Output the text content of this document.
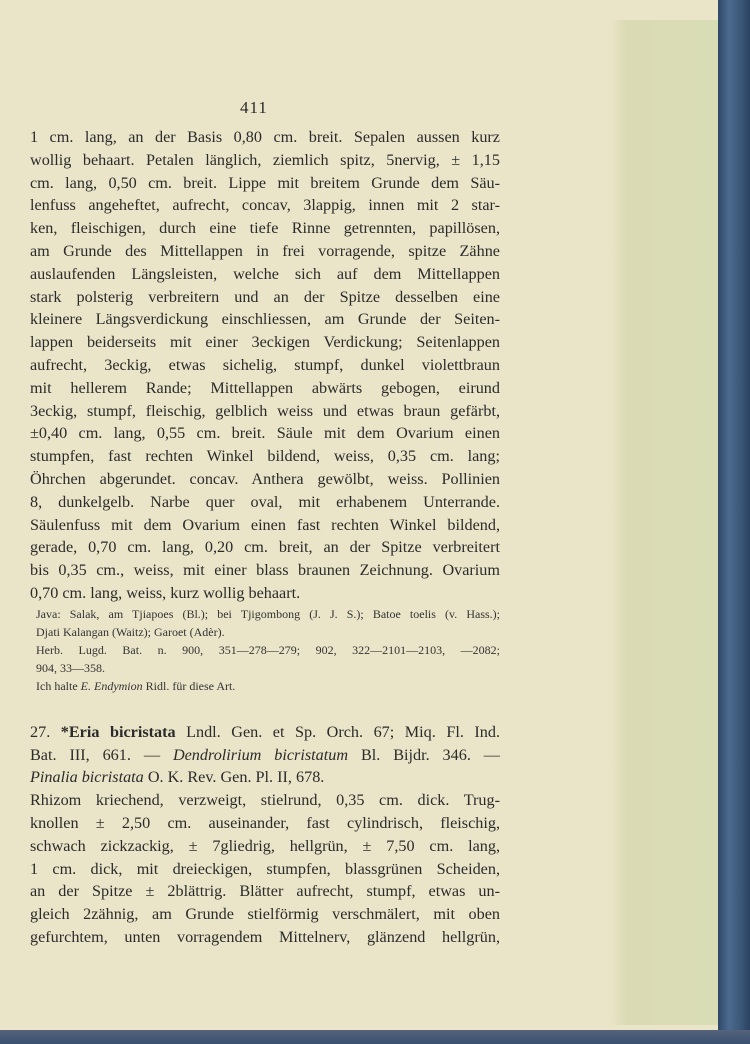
411
1 cm. lang, an der Basis 0,80 cm. breit. Sepalen aussen kurz
wollig behaart. Petalen länglich, ziemlich spitz, 5nervig, ± 1,15
cm. lang, 0,50 cm. breit. Lippe mit breitem Grunde dem Säu-
lenfuss angeheftet, aufrecht, concav, 3lappig, innen mit 2 star-
ken, fleischigen, durch eine tiefe Rinne getrennten, papillösen,
am Grunde des Mittellappen in frei vorragende, spitze Zähne
auslaufenden Längsleisten, welche sich auf dem Mittellappen
stark polsterig verbreitern und an der Spitze desselben eine
kleinere Längsverdickung einschliessen, am Grunde der Seiten-
lappen beiderseits mit einer 3eckigen Verdickung; Seitenlappen
aufrecht, 3eckig, etwas sichelig, stumpf, dunkel violettbraun
mit hellerem Rande; Mittellappen abwärts gebogen, eirund
3eckig, stumpf, fleischig, gelblich weiss und etwas braun gefärbt,
±0,40 cm. lang, 0,55 cm. breit. Säule mit dem Ovarium einen
stumpfen, fast rechten Winkel bildend, weiss, 0,35 cm. lang;
Öhrchen abgerundet. concav. Anthera gewölbt, weiss. Pollinien
8, dunkelgelb. Narbe quer oval, mit erhabenem Unterrande.
Säulenfuss mit dem Ovarium einen fast rechten Winkel bildend,
gerade, 0,70 cm. lang, 0,20 cm. breit, an der Spitze verbreitert
bis 0,35 cm., weiss, mit einer blass braunen Zeichnung. Ovarium
0,70 cm. lang, weiss, kurz wollig behaart.
Java: Salak, am Tjiapoes (Bl.); bei Tjigombong (J. J. S.); Batoe toelis (v. Hass.);
Djati Kalangan (Waitz); Garoet (Adèr).
Herb. Lugd. Bat. n. 900, 351—278—279; 902, 322—2101—2103, —2082;
904, 33—358.
Ich halte E. Endymion Ridl. für diese Art.
27. *Eria bicristata Lndl. Gen. et Sp. Orch. 67; Miq. Fl. Ind.
Bat. III, 661. — Dendrolirium bicristatum Bl. Bijdr. 346. —
Pinalia bicristata O. K. Rev. Gen. Pl. II, 678.
Rhizom kriechend, verzweigt, stielrund, 0,35 cm. dick. Trug-
knollen ± 2,50 cm. auseinander, fast cylindrisch, fleischig,
schwach zickzackig, ± 7gliedrig, hellgrün, ± 7,50 cm. lang,
1 cm. dick, mit dreieckigen, stumpfen, blassgrünen Scheiden,
an der Spitze ± 2blättrig. Blätter aufrecht, stumpf, etwas un-
gleich 2zähnig, am Grunde stielförmig verschmälert, mit oben
gefurchtem, unten vorragendem Mittelnerv, glänzend hellgrün,
